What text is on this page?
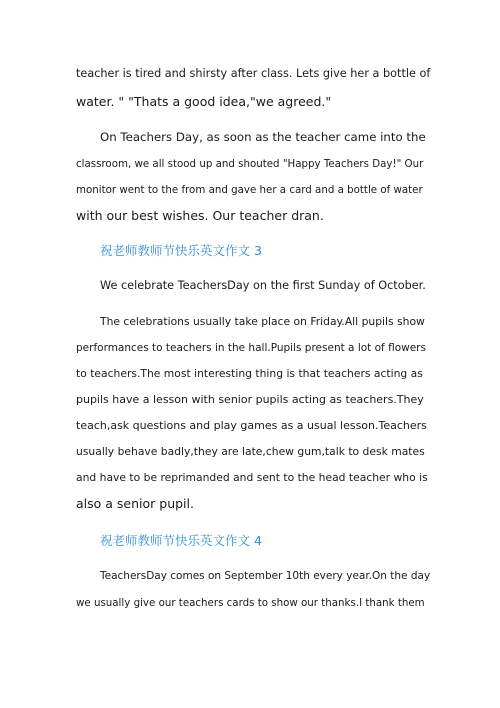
teacher is tired and shirsty after class. Lets give her a bottle of
water. " "Thats a good idea,"we agreed."
On Teachers Day, as soon as the teacher came into the
classroom, we all stood up and shouted "Happy Teachers Day!" Our
monitor went to the from and gave her a card and a bottle of water
with our best wishes. Our teacher dran.
祝老师教师节快乐英文作文 3
We celebrate TeachersDay on the first Sunday of October.
The celebrations usually take place on Friday.All pupils show
performances to teachers in the hall.Pupils present a lot of flowers
to teachers.The most interesting thing is that teachers acting as
pupils have a lesson with senior pupils acting as teachers.They
teach,ask questions and play games as a usual lesson.Teachers
usually behave badly,they are late,chew gum,talk to desk mates
and have to be reprimanded and sent to the head teacher who is
also a senior pupil.
祝老师教师节快乐英文作文 4
TeachersDay comes on September 10th every year.On the day
we usually give our teachers cards to show our thanks.I thank them
